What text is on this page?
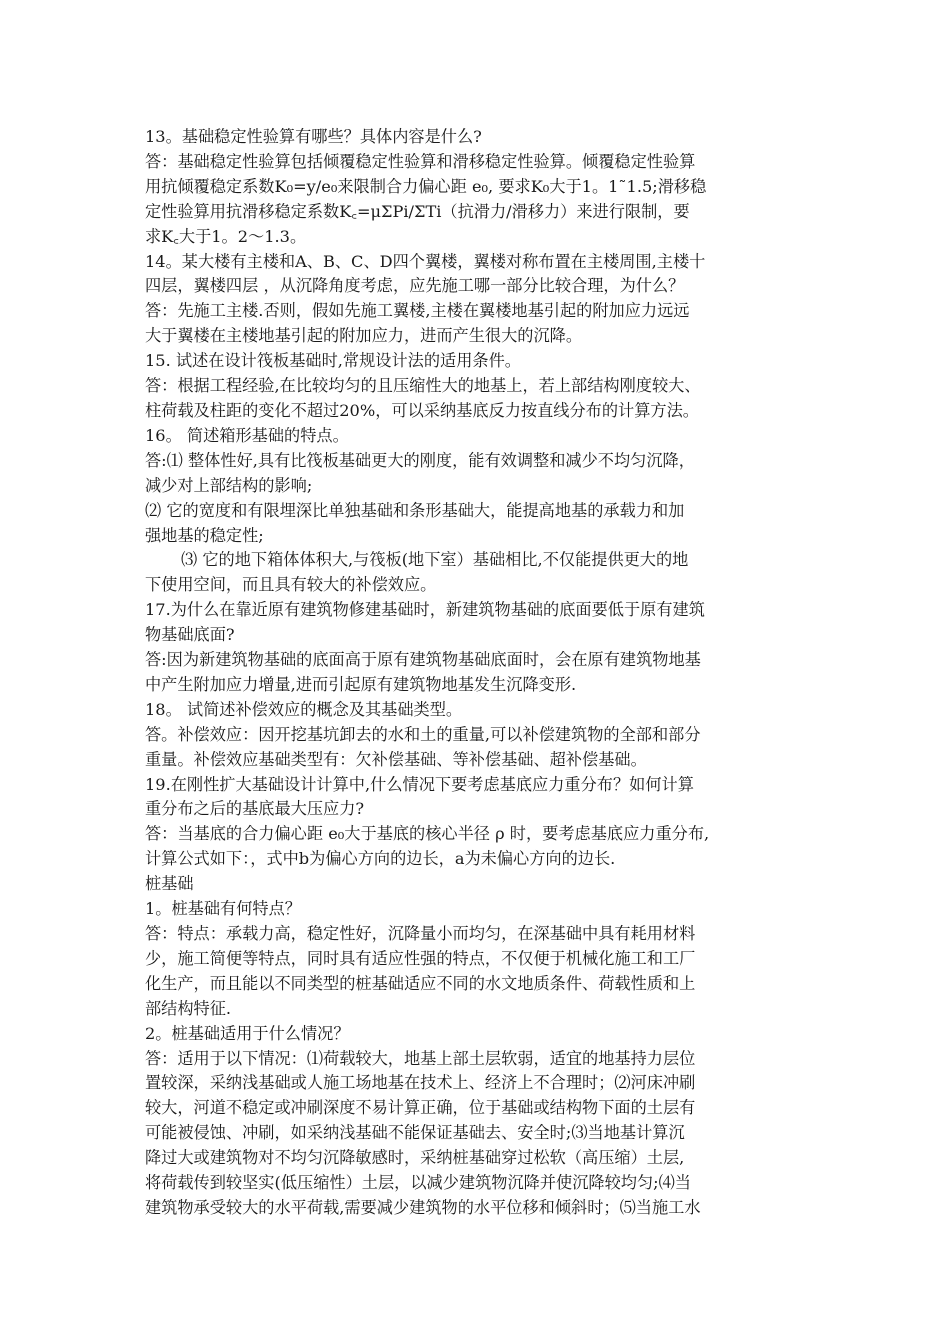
13。基础稳定性验算有哪些？具体内容是什么?
答：基础稳定性验算包括倾覆稳定性验算和滑移稳定性验算。倾覆稳定性验算
用抗倾覆稳定系数K₀=y/e₀来限制合力偏心距 e₀, 要求K₀大于1。1˜1.5;滑移稳
定性验算用抗滑移稳定系数K꜀=μΣPi/ΣTi（抗滑力/滑移力）来进行限制，要
求K꜀大于1。2～1.3。
14。某大楼有主楼和A、B、C、D四个翼楼，翼楼对称布置在主楼周围,主楼十
四层，翼楼四层 ，从沉降角度考虑，应先施工哪一部分比较合理，为什么？
答：先施工主楼.否则，假如先施工翼楼,主楼在翼楼地基引起的附加应力远远
大于翼楼在主楼地基引起的附加应力，进而产生很大的沉降。
15. 试述在设计筏板基础时,常规设计法的适用条件。
答：根据工程经验,在比较均匀的且压缩性大的地基上，若上部结构刚度较大、
柱荷载及柱距的变化不超过20%，可以采纳基底反力按直线分布的计算方法。
16。 简述箱形基础的特点。
答:⑴ 整体性好,具有比筏板基础更大的刚度，能有效调整和减少不均匀沉降，
减少对上部结构的影响;
⑵ 它的宽度和有限埋深比单独基础和条形基础大，能提高地基的承载力和加
强地基的稳定性;
⑶ 它的地下箱体体积大,与筏板(地下室）基础相比,不仅能提供更大的地
下使用空间，而且具有较大的补偿效应。
17.为什么在靠近原有建筑物修建基础时，新建筑物基础的底面要低于原有建筑
物基础底面?
答:因为新建筑物基础的底面高于原有建筑物基础底面时，会在原有建筑物地基
中产生附加应力增量,进而引起原有建筑物地基发生沉降变形.
18。 试简述补偿效应的概念及其基础类型。
答。补偿效应：因开挖基坑卸去的水和土的重量,可以补偿建筑物的全部和部分
重量。补偿效应基础类型有：欠补偿基础、等补偿基础、超补偿基础。
19.在刚性扩大基础设计计算中,什么情况下要考虑基底应力重分布？如何计算
重分布之后的基底最大压应力?
答：当基底的合力偏心距 e₀大于基底的核心半径 ρ 时，要考虑基底应力重分布,
计算公式如下：，式中b为偏心方向的边长，a为未偏心方向的边长.
桩基础
1。桩基础有何特点？
答：特点：承载力高，稳定性好，沉降量小而均匀，在深基础中具有耗用材料
少，施工简便等特点，同时具有适应性强的特点，不仅便于机械化施工和工厂
化生产，而且能以不同类型的桩基础适应不同的水文地质条件、荷载性质和上
部结构特征.
2。桩基础适用于什么情况？
答：适用于以下情况：⑴荷载较大，地基上部土层软弱，适宜的地基持力层位
置较深，采纳浅基础或人施工场地基在技术上、经济上不合理时；⑵河床冲刷
较大，河道不稳定或冲刷深度不易计算正确，位于基础或结构物下面的土层有
可能被侵蚀、冲刷，如采纳浅基础不能保证基础去、安全时;⑶当地基计算沉
降过大或建筑物对不均匀沉降敏感时，采纳桩基础穿过松软（高压缩）土层,
将荷载传到较坚实(低压缩性）土层，以减少建筑物沉降并使沉降较均匀;⑷当
建筑物承受较大的水平荷载,需要减少建筑物的水平位移和倾斜时；⑸当施工水
